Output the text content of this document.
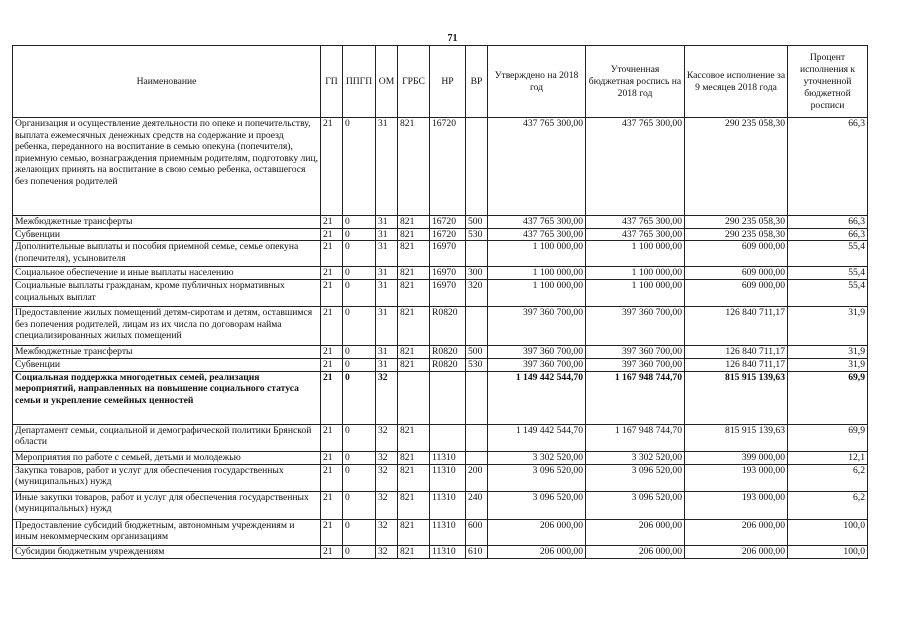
71
Наименование	ГП	ППГП	ОМ	ГРБС	НР	ВР	Утверждено на 2018 год	Уточненная бюджетная роспись на 2018 год	Кассовое исполнение за 9 месяцев 2018 года	Процент исполнения к уточненной бюджетной росписи
Организация и осуществление деятельности по опеке и попечительству, выплата ежемесячных денежных средств на содержание и проезд ребенка, переданного на воспитание в семью опекуна (попечителя), приемную семью, вознаграждения приемным родителям, подготовку лиц, желающих принять на воспитание в свою семью ребенка, оставшегося без попечения родителей	21	0	31	821	16720		437 765 300,00	437 765 300,00	290 235 058,30	66,3
Межбюджетные трансферты	21	0	31	821	16720	500	437 765 300,00	437 765 300,00	290 235 058,30	66,3
Субвенции	21	0	31	821	16720	530	437 765 300,00	437 765 300,00	290 235 058,30	66,3
Дополнительные выплаты и пособия приемной семье, семье опекуна (попечителя), усыновителя	21	0	31	821	16970		1 100 000,00	1 100 000,00	609 000,00	55,4
Социальное обеспечение и иные выплаты населению	21	0	31	821	16970	300	1 100 000,00	1 100 000,00	609 000,00	55,4
Социальные выплаты гражданам, кроме публичных нормативных социальных выплат	21	0	31	821	16970	320	1 100 000,00	1 100 000,00	609 000,00	55,4
Предоставление жилых помещений детям-сиротам и детям, оставшимся без попечения родителей, лицам из их числа по договорам найма специализированных жилых помещений	21	0	31	821	R0820		397 360 700,00	397 360 700,00	126 840 711,17	31,9
Межбюджетные трансферты	21	0	31	821	R0820	500	397 360 700,00	397 360 700,00	126 840 711,17	31,9
Субвенции	21	0	31	821	R0820	530	397 360 700,00	397 360 700,00	126 840 711,17	31,9
Социальная поддержка многодетных семей, реализация мероприятий, направленных на повышение социального статуса семьи и укрепление семейных ценностей	21	0	32				1 149 442 544,70	1 167 948 744,70	815 915 139,63	69,9
Департамент семьи, социальной и демографической политики Брянской области	21	0	32	821			1 149 442 544,70	1 167 948 744,70	815 915 139,63	69,9
Мероприятия по работе с семьей, детьми и молодежью	21	0	32	821	11310		3 302 520,00	3 302 520,00	399 000,00	12,1
Закупка товаров, работ и услуг для обеспечения государственных (муниципальных) нужд	21	0	32	821	11310	200	3 096 520,00	3 096 520,00	193 000,00	6,2
Иные закупки товаров, работ и услуг для обеспечения государственных (муниципальных) нужд	21	0	32	821	11310	240	3 096 520,00	3 096 520,00	193 000,00	6,2
Предоставление субсидий бюджетным, автономным учреждениям и иным некоммерческим организациям	21	0	32	821	11310	600	206 000,00	206 000,00	206 000,00	100,0
Субсидии бюджетным учреждениям	21	0	32	821	11310	610	206 000,00	206 000,00	206 000,00	100,0
